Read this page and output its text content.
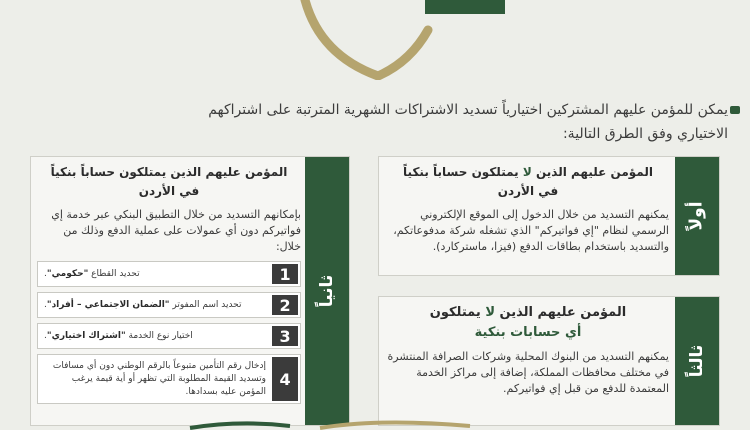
يمكن للمؤمن عليهم المشتركين اختيارياً تسديد الاشتراكات الشهرية المترتبة على اشتراكهم
الاختياري وفق الطرق التالية:
ثانياً
المؤمن عليهم الذين يمتلكون حساباً بنكياً
في الأردن
بإمكانهم التسديد من خلال التطبيق البنكي عبر خدمة إي فواتيركم دون أي عمولات على عملية الدفع وذلك من خلال:
1
تحديد القطاع "حكومي".
2
تحديد اسم المفوتر "الضمان الاجتماعي – أفراد".
3
اختيار نوع الخدمة "اشتراك اختياري".
4
إدخال رقم التأمين متبوعاً بالرقم الوطني دون أي مسافات وتسديد القيمة المطلوبة التي تظهر أو أية قيمة يرغب المؤمن عليه بسدادها.
أولاً
المؤمن عليهم الذين لا يمتلكون حساباً بنكياً
في الأردن
يمكنهم التسديد من خلال الدخول إلى الموقع الإلكتروني الرسمي لنظام "إي فواتيركم" الذي تشغله شركة مدفوعاتكم، والتسديد باستخدام بطاقات الدفع (فيزا، ماستركارد).
ثالثاً
المؤمن عليهم الذين لا يمتلكون
أي حسابات بنكية
يمكنهم التسديد من البنوك المحلية وشركات الصرافة المنتشرة في مختلف محافظات المملكة، إضافة إلى مراكز الخدمة المعتمدة للدفع من قبل إي فواتيركم.
